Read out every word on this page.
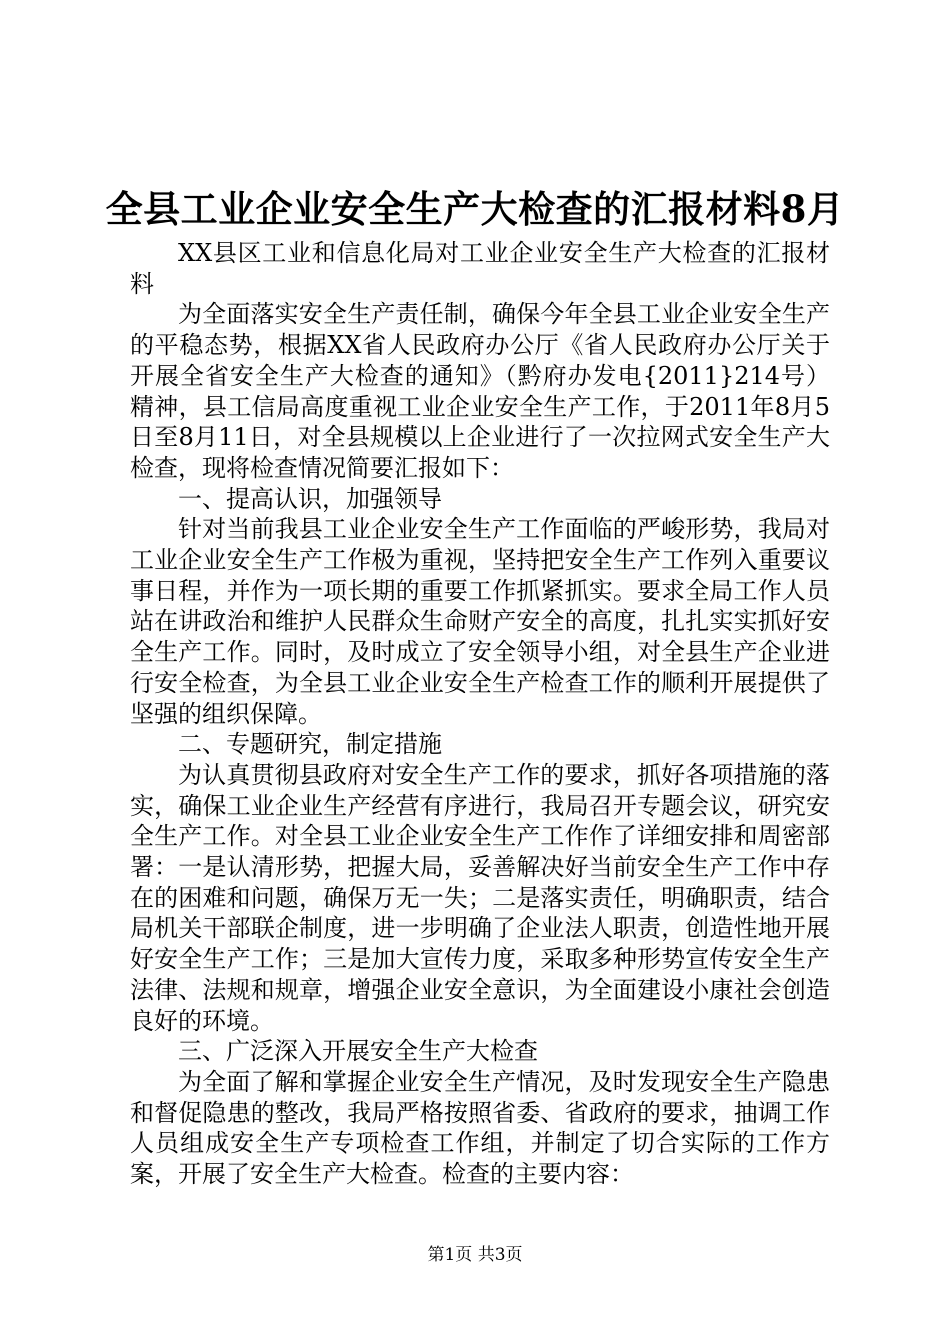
全县工业企业安全生产大检查的汇报材料8月

XX县区工业和信息化局对工业企业安全生产大检查的汇报材料

为全面落实安全生产责任制，确保今年全县工业企业安全生产的平稳态势，根据XX省人民政府办公厅《省人民政府办公厅关于开展全省安全生产大检查的通知》（黔府办发电{2011}214号）精神，县工信局高度重视工业企业安全生产工作，于2011年8月5日至8月11日，对全县规模以上企业进行了一次拉网式安全生产大检查，现将检查情况简要汇报如下：

一、提高认识，加强领导

针对当前我县工业企业安全生产工作面临的严峻形势，我局对工业企业安全生产工作极为重视，坚持把安全生产工作列入重要议事日程，并作为一项长期的重要工作抓紧抓实。要求全局工作人员站在讲政治和维护人民群众生命财产安全的高度，扎扎实实抓好安全生产工作。同时，及时成立了安全领导小组，对全县生产企业进行安全检查，为全县工业企业安全生产检查工作的顺利开展提供了坚强的组织保障。

二、专题研究，制定措施

为认真贯彻县政府对安全生产工作的要求，抓好各项措施的落实，确保工业企业生产经营有序进行，我局召开专题会议，研究安全生产工作。对全县工业企业安全生产工作作了详细安排和周密部署：一是认清形势，把握大局，妥善解决好当前安全生产工作中存在的困难和问题，确保万无一失；二是落实责任，明确职责，结合局机关干部联企制度，进一步明确了企业法人职责，创造性地开展好安全生产工作；三是加大宣传力度，采取多种形势宣传安全生产法律、法规和规章，增强企业安全意识，为全面建设小康社会创造良好的环境。

三、广泛深入开展安全生产大检查

为全面了解和掌握企业安全生产情况，及时发现安全生产隐患和督促隐患的整改，我局严格按照省委、省政府的要求，抽调工作人员组成安全生产专项检查工作组，并制定了切合实际的工作方案，开展了安全生产大检查。检查的主要内容：

第1页 共3页
